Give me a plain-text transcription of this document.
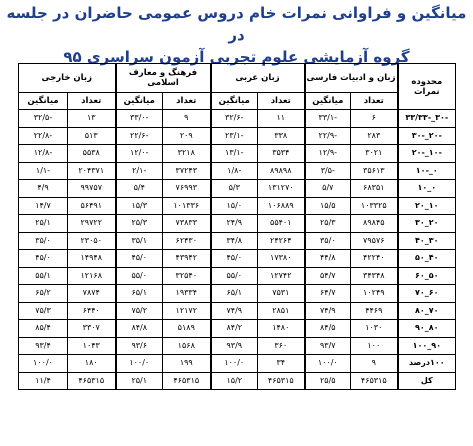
میانگین و فراوانی نمرات خام دروس عمومی حاضران در جلسه در
گروه آزمایشی علوم تجربی آزمون سراسری ۹۵
محدوده نمرات	زبان و ادبیات فارسی		زبان عربی		فرهنگ و معارف اسلامی		زبان خارجی	
	تعداد	میانگین	تعداد	میانگین	تعداد	میانگین	تعداد	میانگین
-۳۰_-۳۳/۳۳	۶	-۳۳/۱	۱۱	-۳۲/۶	۹	-۳۳/۰	۱۳	-۳۲/۵
-۲۰_-۳۰	۲۸۳	-۲۲/۹	۳۳۸	-۲۳/۱	۲۰۹	-۲۲/۶	۵۱۳	-۲۲/۸
-۱۰_-۲۰	۳۰۲۱	-۱۲/۹	۳۵۳۴	-۱۳/۱	۳۲۱۸	-۱۲/۰	۵۵۳۸	-۱۲/۸
۰_-۱۰	۳۵۶۱۳	-۳/۵	۸۹۸۹۸	-۱/۸	۳۷۲۴۳	-۲/۱	۲۰۴۳۷۱	-۱/۱
۰_۱۰	۶۸۳۵۱	۵/۷	۱۳۱۲۷۰	۵/۳	۷۶۹۹۳	۵/۴	۹۹۷۵۷	۴/۹
۱۰_۲۰	۱۰۳۳۲۵	۱۵/۵	۱۰۶۸۸۹	۱۵/۰	۱۰۱۳۳۶	۱۵/۳	۵۶۴۹۱	۱۴/۷
۲۰_۳۰	۸۹۸۴۵	۲۵/۳	۵۵۴۰۱	۲۴/۹	۷۳۸۳۳	۲۵/۳	۲۹۷۲۲	۲۵/۱
۳۰_۴۰	۷۹۵۷۶	۳۵/۰	۲۴۲۶۴	۳۴/۸	۶۲۴۳۰	۳۵/۱	۲۳۰۵۰	۳۵/۰
۴۰_۵۰	۴۲۲۴۰	۴۴/۸	۱۷۳۸۰	۴۵/۰	۴۳۹۴۲	۴۵/۰	۱۴۹۴۸	۴۵/۰
۵۰_۶۰	۳۴۳۴۸	۵۴/۷	۱۲۷۴۲	۵۵/۰	۳۲۵۴۰	۵۵/۰	۱۲۱۶۸	۵۵/۱
۶۰_۷۰	۱۰۲۴۹	۶۴/۷	۷۵۳۱	۶۵/۱	۱۹۳۳۴	۶۵/۱	۷۸۷۴	۶۵/۲
۷۰_۸۰	۴۴۶۹	۷۴/۹	۲۸۵۱	۷۴/۹	۱۲۱۷۲	۷۵/۲	۶۴۴۰	۷۵/۳
۸۰_۹۰	۱۰۳۰	۸۴/۵	۱۴۸۰	۸۴/۲	۵۱۸۹	۸۴/۸	۳۳۰۷	۸۵/۴
۹۰_۱۰۰	۱۰۰	۹۳/۷	۳۶۰	۹۳/۹	۱۵۶۸	۹۳/۶	۱۰۴۳	۹۳/۴
۱۰۰درصد	۹	۱۰۰/۰	۳۴	۱۰۰/۰	۱۹۹	۱۰۰/۰	۱۸۰	۱۰۰/۰
کل	۴۶۵۳۱۵	۲۵/۵	۴۶۵۳۱۵	۱۵/۲	۴۶۵۳۱۵	۲۵/۱	۴۶۵۳۱۵	۱۱/۴
